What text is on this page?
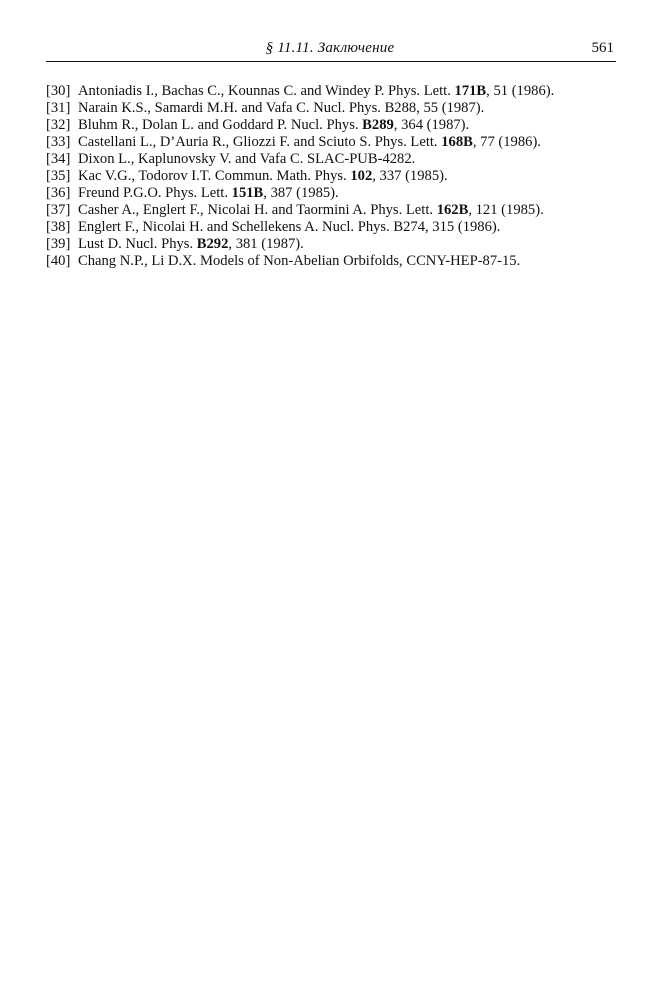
§ 11.11. Заключение	561
[30] Antoniadis I., Bachas C., Kounnas C. and Windey P. Phys. Lett. 171B, 51 (1986).
[31] Narain K.S., Samardi M.H. and Vafa C. Nucl. Phys. B288, 55 (1987).
[32] Bluhm R., Dolan L. and Goddard P. Nucl. Phys. B289, 364 (1987).
[33] Castellani L., D’Auria R., Gliozzi F. and Sciuto S. Phys. Lett. 168B, 77 (1986).
[34] Dixon L., Kaplunovsky V. and Vafa C. SLAC-PUB-4282.
[35] Kac V.G., Todorov I.T. Commun. Math. Phys. 102, 337 (1985).
[36] Freund P.G.O. Phys. Lett. 151B, 387 (1985).
[37] Casher A., Englert F., Nicolai H. and Taormini A. Phys. Lett. 162B, 121 (1985).
[38] Englert F., Nicolai H. and Schellekens A. Nucl. Phys. B274, 315 (1986).
[39] Lust D. Nucl. Phys. B292, 381 (1987).
[40] Chang N.P., Li D.X. Models of Non-Abelian Orbifolds, CCNY-HEP-87-15.
